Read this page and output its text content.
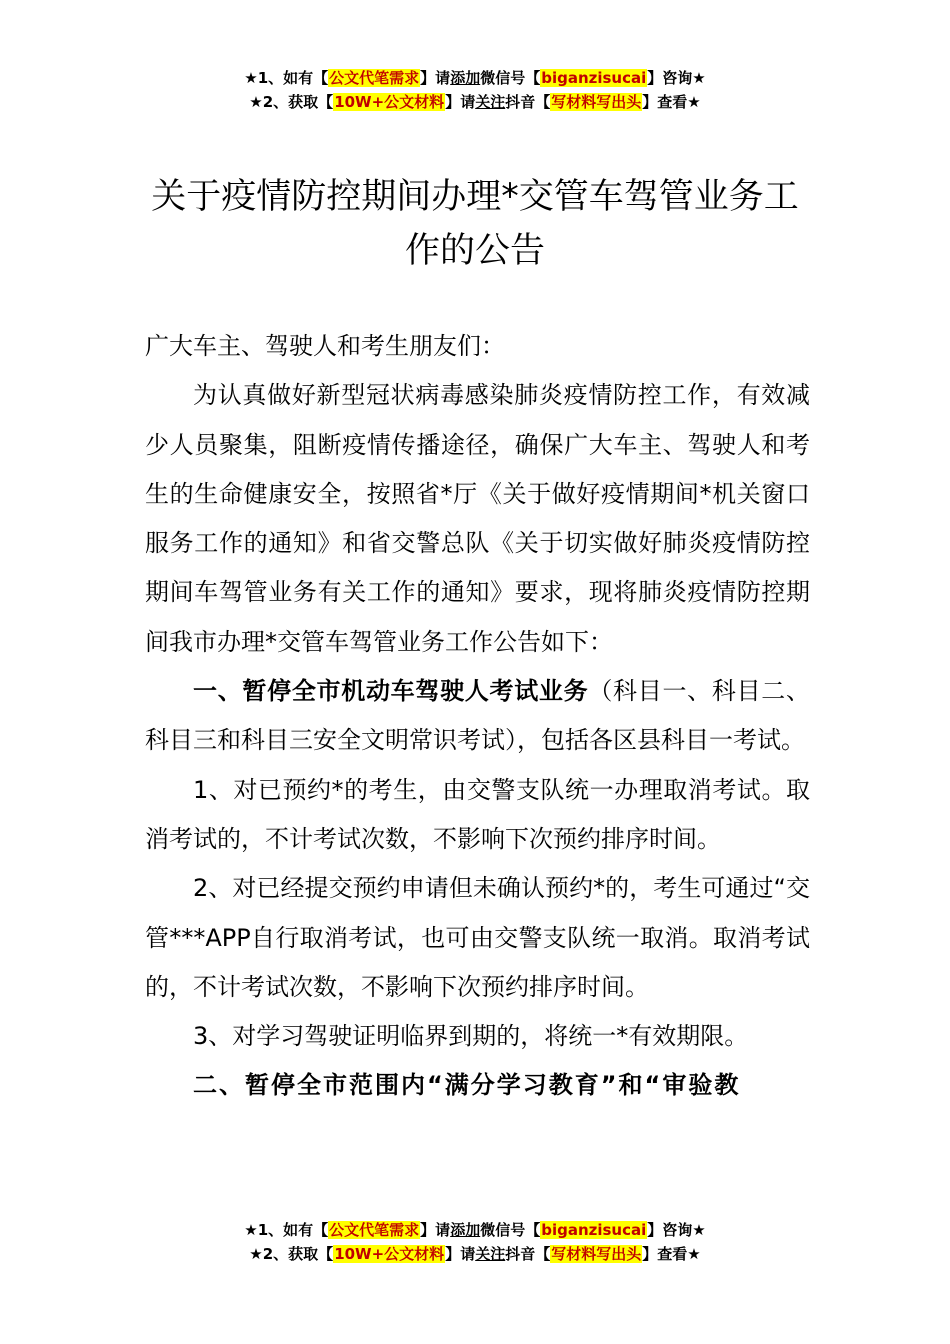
★1、如有【公文代笔需求】请添加微信号【biganzisucai】咨询★
★2、获取【10W+公文材料】请关注抖音【写材料写出头】查看★
关于疫情防控期间办理*交管车驾管业务工作的公告

广大车主、驾驶人和考生朋友们：

为认真做好新型冠状病毒感染肺炎疫情防控工作，有效减少人员聚集，阻断疫情传播途径，确保广大车主、驾驶人和考生的生命健康安全，按照省*厅《关于做好疫情期间*机关窗口服务工作的通知》和省交警总队《关于切实做好肺炎疫情防控期间车驾管业务有关工作的通知》要求，现将肺炎疫情防控期间我市办理*交管车驾管业务工作公告如下：

一、暂停全市机动车驾驶人考试业务（科目一、科目二、科目三和科目三安全文明常识考试），包括各区县科目一考试。

1、对已预约*的考生，由交警支队统一办理取消考试。取消考试的，不计考试次数，不影响下次预约排序时间。

2、对已经提交预约申请但未确认预约*的，考生可通过“交管***APP自行取消考试，也可由交警支队统一取消。取消考试的，不计考试次数，不影响下次预约排序时间。

3、对学习驾驶证明临界到期的，将统一*有效期限。

二、暂停全市范围内“满分学习教育”和“审验教

★1、如有【公文代笔需求】请添加微信号【biganzisucai】咨询★
★2、获取【10W+公文材料】请关注抖音【写材料写出头】查看★
